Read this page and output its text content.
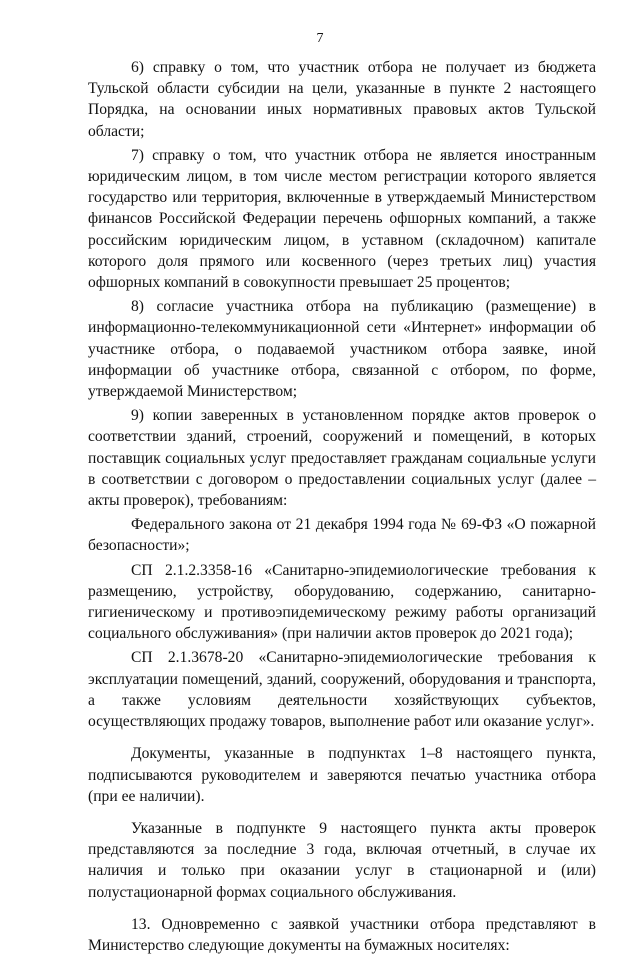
7

6) справку о том, что участник отбора не получает из бюджета Тульской области субсидии на цели, указанные в пункте 2 настоящего Порядка, на основании иных нормативных правовых актов Тульской области;

7) справку о том, что участник отбора не является иностранным юридическим лицом, в том числе местом регистрации которого является государство или территория, включенные в утверждаемый Министерством финансов Российской Федерации перечень офшорных компаний, а также российским юридическим лицом, в уставном (складочном) капитале которого доля прямого или косвенного (через третьих лиц) участия офшорных компаний в совокупности превышает 25 процентов;

8) согласие участника отбора на публикацию (размещение) в информационно-телекоммуникационной сети «Интернет» информации об участнике отбора, о подаваемой участником отбора заявке, иной информации об участнике отбора, связанной с отбором, по форме, утверждаемой Министерством;

9) копии заверенных в установленном порядке актов проверок о соответствии зданий, строений, сооружений и помещений, в которых поставщик социальных услуг предоставляет гражданам социальные услуги в соответствии с договором о предоставлении социальных услуг (далее – акты проверок), требованиям:

Федерального закона от 21 декабря 1994 года № 69-ФЗ «О пожарной безопасности»;

СП 2.1.2.3358-16 «Санитарно-эпидемиологические требования к размещению, устройству, оборудованию, содержанию, санитарно-гигиеническому и противоэпидемическому режиму работы организаций социального обслуживания» (при наличии актов проверок до 2021 года);

СП 2.1.3678-20 «Санитарно-эпидемиологические требования к эксплуатации помещений, зданий, сооружений, оборудования и транспорта, а также условиям деятельности хозяйствующих субъектов, осуществляющих продажу товаров, выполнение работ или оказание услуг».

Документы, указанные в подпунктах 1–8 настоящего пункта, подписываются руководителем и заверяются печатью участника отбора (при ее наличии).

Указанные в подпункте 9 настоящего пункта акты проверок представляются за последние 3 года, включая отчетный, в случае их наличия и только при оказании услуг в стационарной и (или) полустационарной формах социального обслуживания.

13. Одновременно с заявкой участники отбора представляют в Министерство следующие документы на бумажных носителях:
